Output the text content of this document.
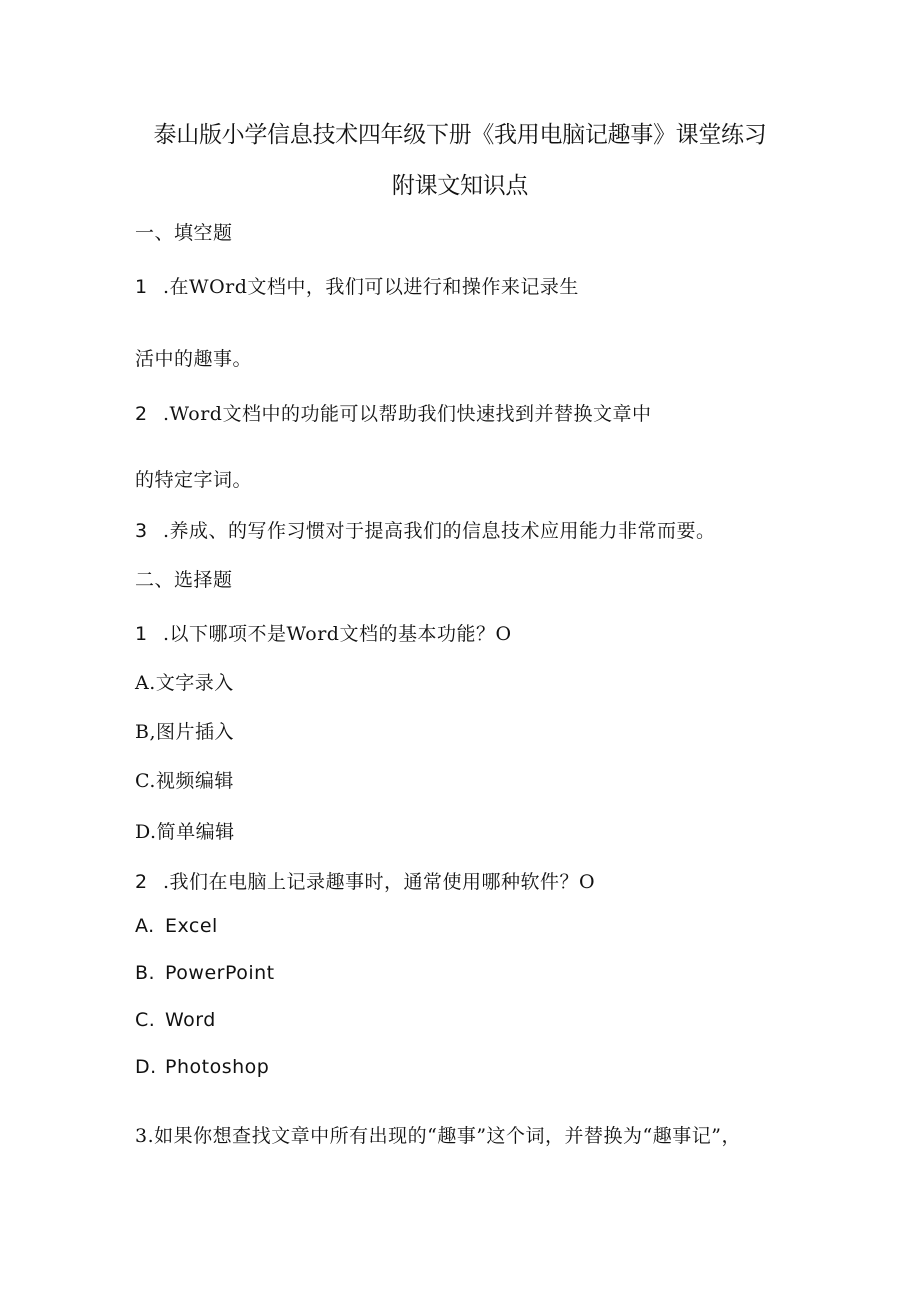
泰山版小学信息技术四年级下册《我用电脑记趣事》课堂练习
附课文知识点
一、填空题
1 .在WOrd文档中，我们可以进行和操作来记录生
活中的趣事。
2 .Word文档中的功能可以帮助我们快速找到并替换文章中
的特定字词。
3 .养成、的写作习惯对于提高我们的信息技术应用能力非常而要。
二、选择题
1 .以下哪项不是Word文档的基本功能？O
A.文字录入
B,图片插入
C.视频编辑
D.简单编辑
2 .我们在电脑上记录趣事时，通常使用哪种软件？O
A. Excel
B. PowerPoint
C. Word
D. Photoshop
3.如果你想查找文章中所有出现的“趣事”这个词，并替换为“趣事记”，
